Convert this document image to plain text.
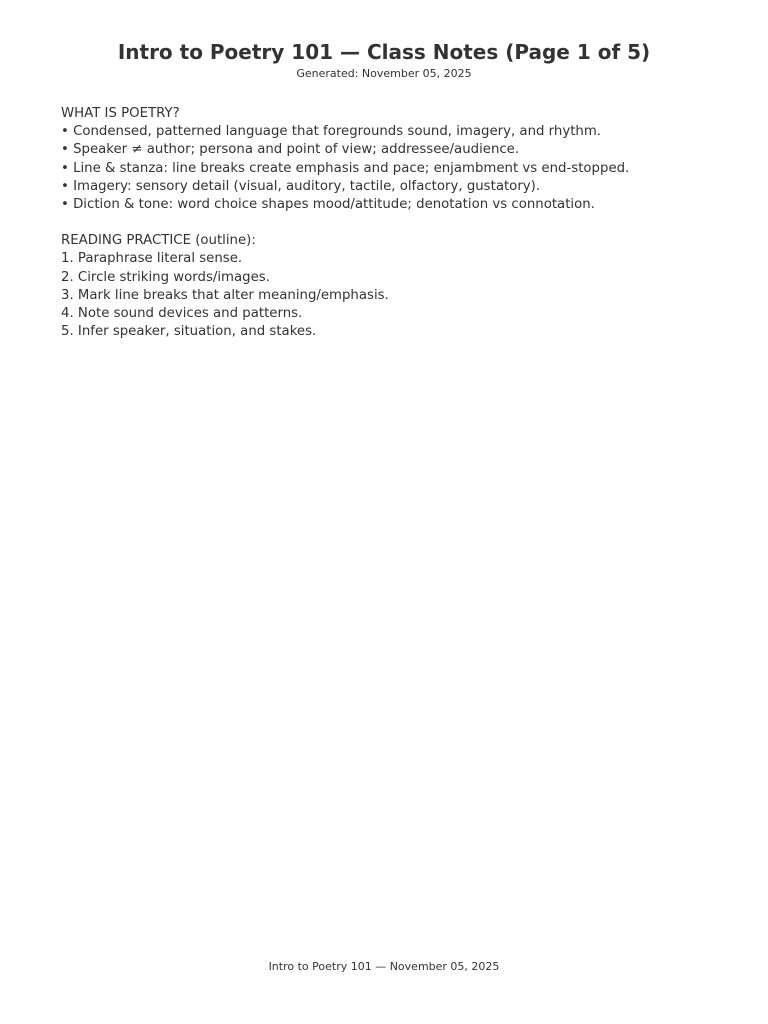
Intro to Poetry 101 — Class Notes (Page 1 of 5)
Generated: November 05, 2025

WHAT IS POETRY?

• Condensed, patterned language that foregrounds sound, imagery, and rhythm.

• Speaker ≠ author; persona and point of view; addressee/audience.

• Line & stanza: line breaks create emphasis and pace; enjambment vs end-stopped.

• Imagery: sensory detail (visual, auditory, tactile, olfactory, gustatory).

• Diction & tone: word choice shapes mood/attitude; denotation vs connotation.

READING PRACTICE (outline):

1. Paraphrase literal sense.

2. Circle striking words/images.

3. Mark line breaks that alter meaning/emphasis.

4. Note sound devices and patterns.

5. Infer speaker, situation, and stakes.

Intro to Poetry 101 — November 05, 2025
